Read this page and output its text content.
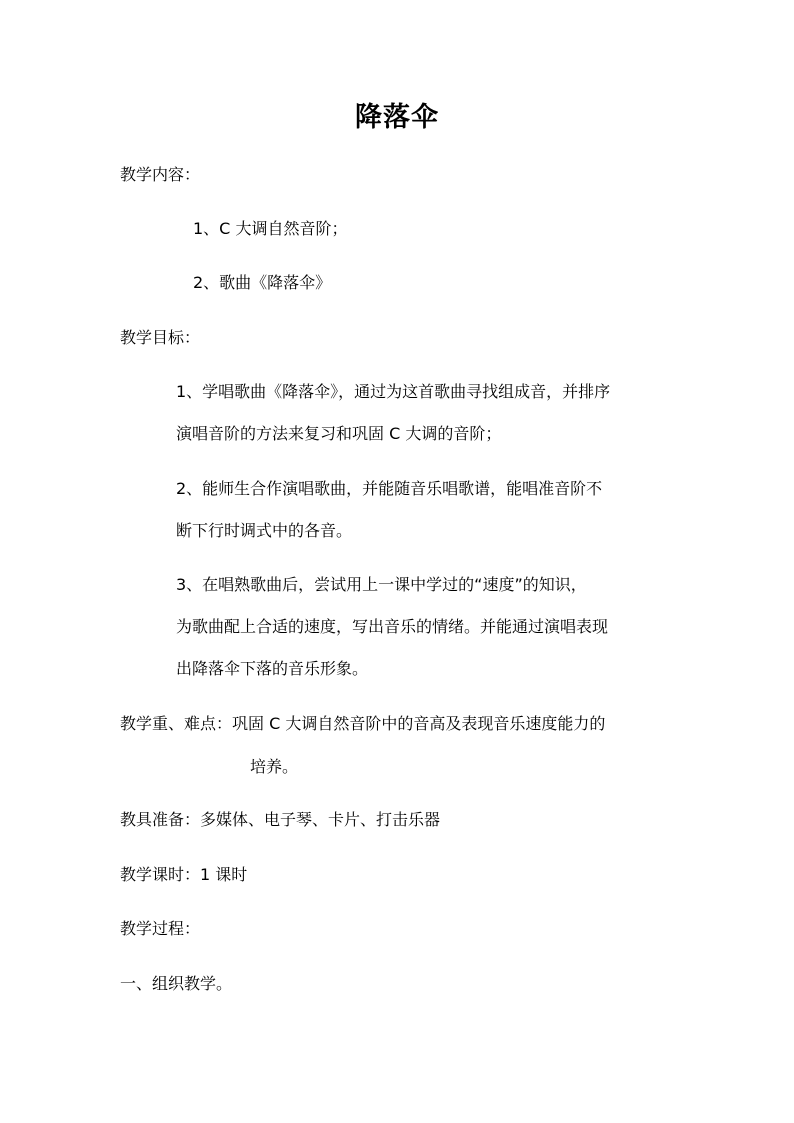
降落伞
教学内容：
1、C 大调自然音阶；
2、歌曲《降落伞》
教学目标：
1、学唱歌曲《降落伞》，通过为这首歌曲寻找组成音，并排序
演唱音阶的方法来复习和巩固 C 大调的音阶；
2、能师生合作演唱歌曲，并能随音乐唱歌谱，能唱准音阶不
断下行时调式中的各音。
3、在唱熟歌曲后，尝试用上一课中学过的“速度”的知识，
为歌曲配上合适的速度，写出音乐的情绪。并能通过演唱表现
出降落伞下落的音乐形象。
教学重、难点：巩固 C 大调自然音阶中的音高及表现音乐速度能力的
培养。
教具准备：多媒体、电子琴、卡片、打击乐器
教学课时：1 课时
教学过程：
一、组织教学。
